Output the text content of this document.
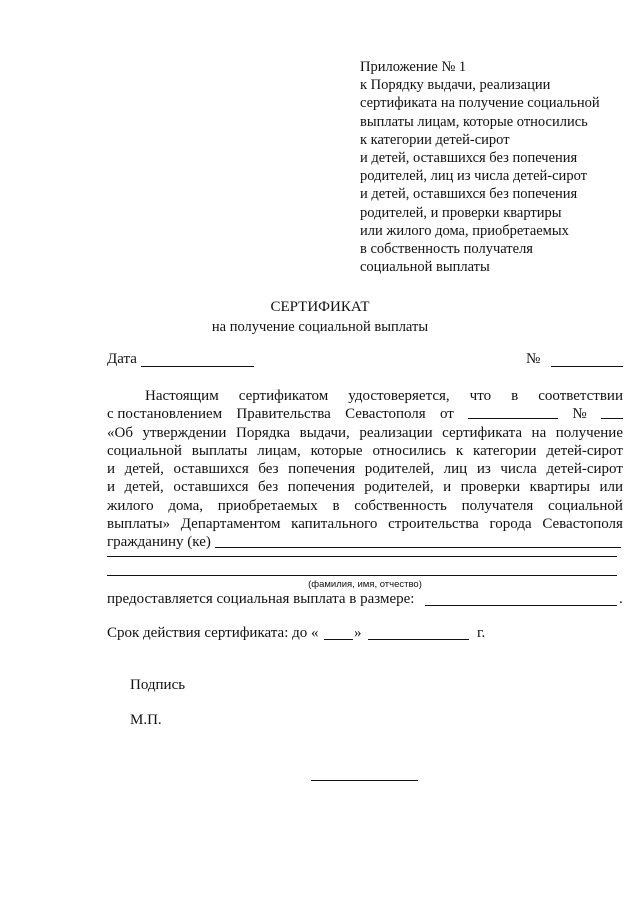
Приложение № 1
к Порядку выдачи, реализации
сертификата на получение социальной
выплаты лицам, которые относились
к категории детей-сирот
и детей, оставшихся без попечения
родителей, лиц из числа детей-сирот
и детей, оставшихся без попечения
родителей, и проверки квартиры
или жилого дома, приобретаемых
в собственность получателя
социальной выплаты
СЕРТИФИКАТ
на получение социальной выплаты
Дата	№
Настоящим сертификатом удостоверяется, что в соответствии
с постановлением Правительства Севастополя от	№
«Об утверждении Порядка выдачи, реализации сертификата на получение
социальной выплаты лицам, которые относились к категории детей-сирот
и детей, оставшихся без попечения родителей, лиц из числа детей-сирот
и детей, оставшихся без попечения родителей, и проверки квартиры или
жилого дома, приобретаемых в собственность получателя социальной
выплаты» Департаментом капитального строительства города Севастополя
гражданину (ке)
(фамилия, имя, отчество)
предоставляется социальная выплата в размере:	.
Срок действия сертификата: до « »	г.
Подпись
М.П.
